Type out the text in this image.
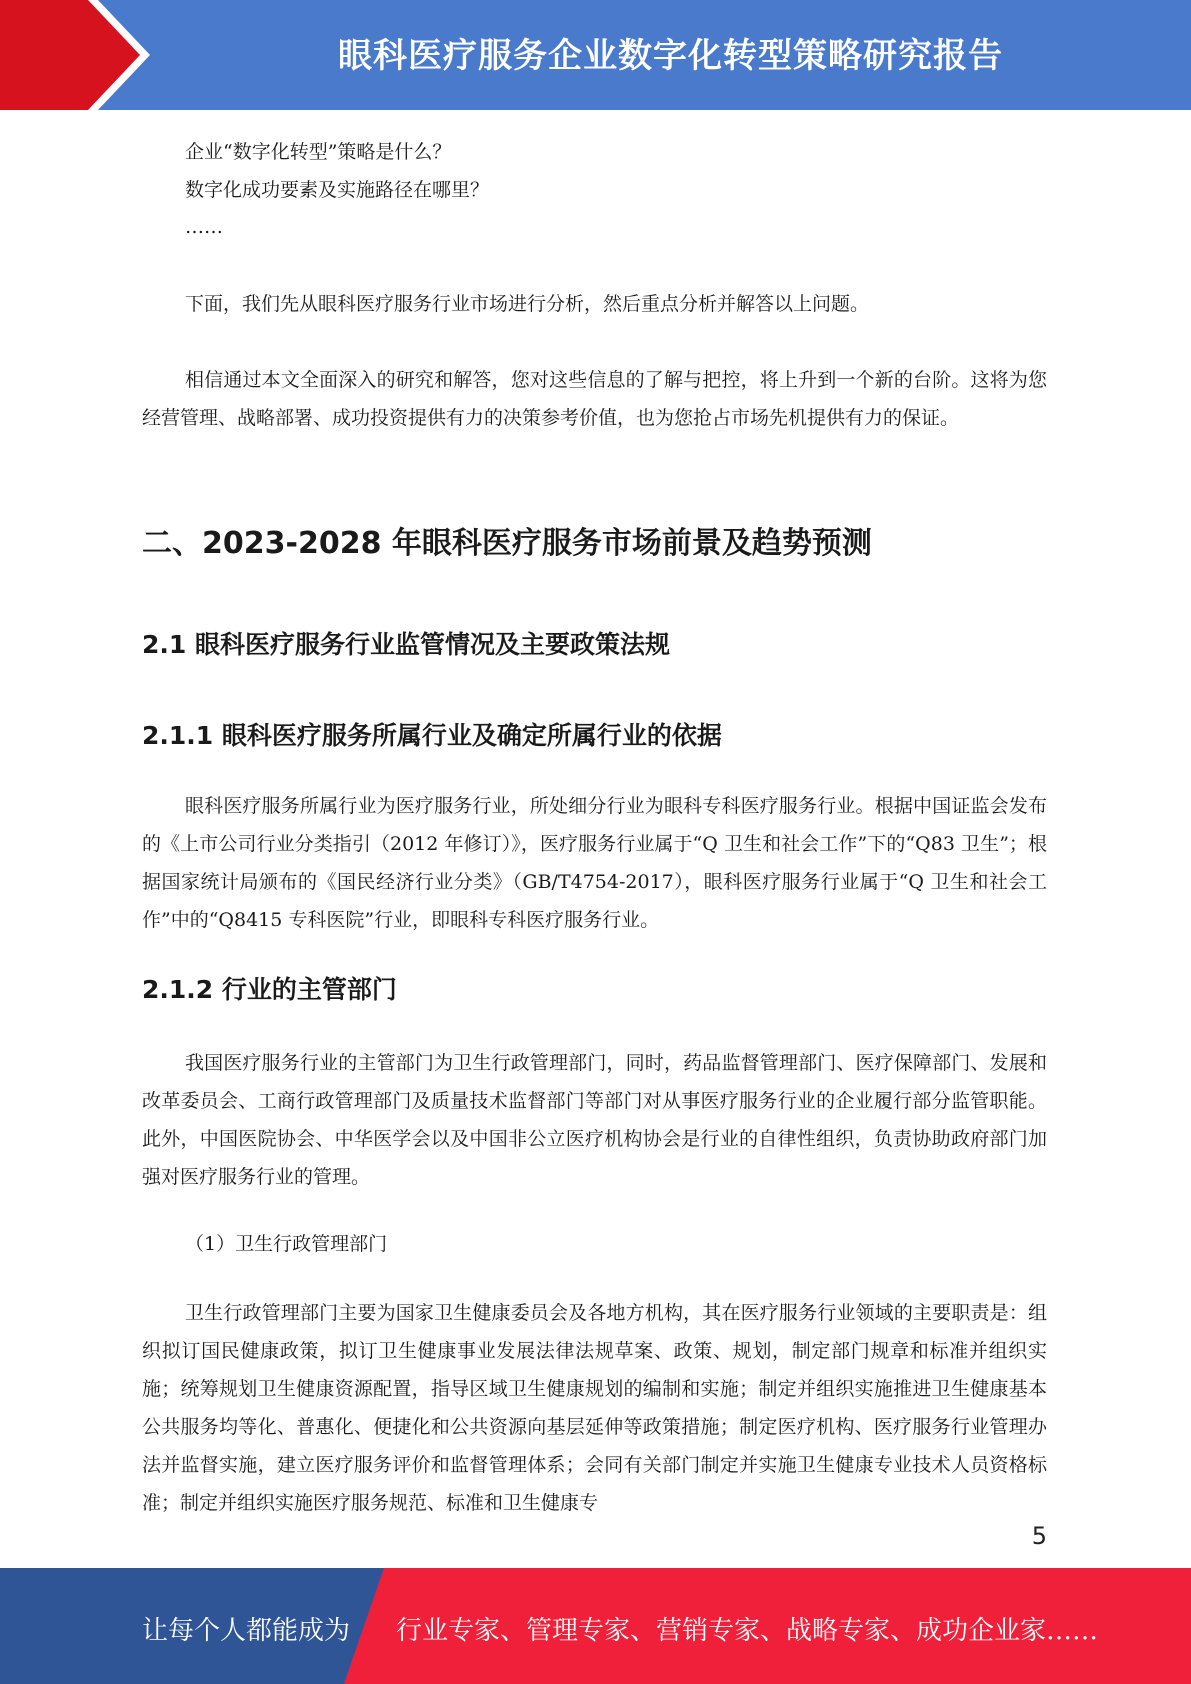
眼科医疗服务企业数字化转型策略研究报告
企业“数字化转型”策略是什么？
数字化成功要素及实施路径在哪里？
……

下面，我们先从眼科医疗服务行业市场进行分析，然后重点分析并解答以上问题。

相信通过本文全面深入的研究和解答，您对这些信息的了解与把控，将上升到一个新的台阶。这将为您经营管理、战略部署、成功投资提供有力的决策参考价值，也为您抢占市场先机提供有力的保证。

二、2023-2028 年眼科医疗服务市场前景及趋势预测
2.1 眼科医疗服务行业监管情况及主要政策法规
2.1.1 眼科医疗服务所属行业及确定所属行业的依据

眼科医疗服务所属行业为医疗服务行业，所处细分行业为眼科专科医疗服务行业。根据中国证监会发布的《上市公司行业分类指引（2012 年修订）》，医疗服务行业属于“Q 卫生和社会工作”下的“Q83 卫生”；根据国家统计局颁布的《国民经济行业分类》（GB/T4754-2017），眼科医疗服务行业属于“Q 卫生和社会工作”中的“Q8415 专科医院”行业，即眼科专科医疗服务行业。

2.1.2 行业的主管部门

我国医疗服务行业的主管部门为卫生行政管理部门，同时，药品监督管理部门、医疗保障部门、发展和改革委员会、工商行政管理部门及质量技术监督部门等部门对从事医疗服务行业的企业履行部分监管职能。此外，中国医院协会、中华医学会以及中国非公立医疗机构协会是行业的自律性组织，负责协助政府部门加强对医疗服务行业的管理。

（1）卫生行政管理部门

卫生行政管理部门主要为国家卫生健康委员会及各地方机构，其在医疗服务行业领域的主要职责是：组织拟订国民健康政策，拟订卫生健康事业发展法律法规草案、政策、规划，制定部门规章和标准并组织实施；统筹规划卫生健康资源配置，指导区域卫生健康规划的编制和实施；制定并组织实施推进卫生健康基本公共服务均等化、普惠化、便捷化和公共资源向基层延伸等政策措施；制定医疗机构、医疗服务行业管理办法并监督实施，建立医疗服务评价和监督管理体系；会同有关部门制定并实施卫生健康专业技术人员资格标准；制定并组织实施医疗服务规范、标准和卫生健康专

5
让每个人都能成为 行业专家、管理专家、营销专家、战略专家、成功企业家……
